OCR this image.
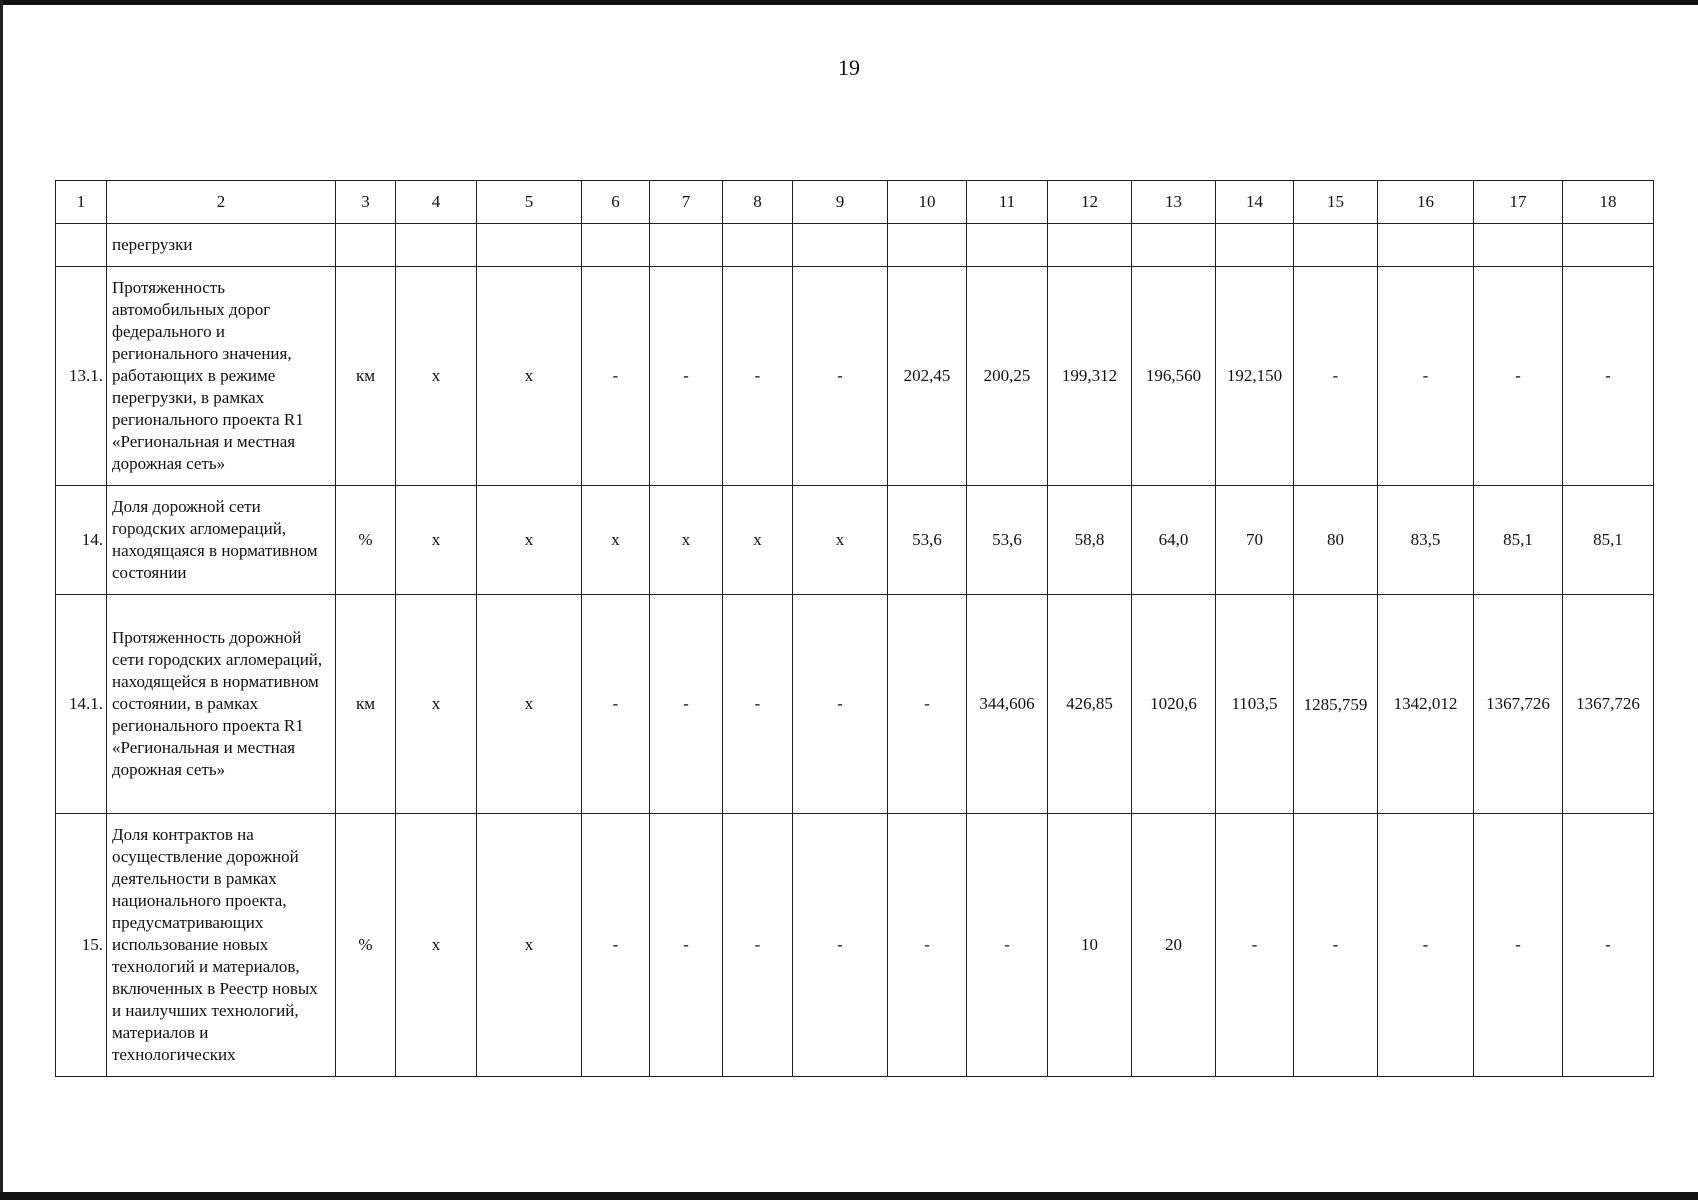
19
1	2	3	4	5	6	7	8	9	10	11	12	13	14	15	16	17	18
	перегрузки																
13.1.	Протяженность автомобильных дорог федерального и регионального значения, работающих в режиме перегрузки, в рамках регионального проекта R1 «Региональная и местная дорожная сеть»	км	х	х	-	-	-	-	202,45	200,25	199,312	196,560	192,150	-	-	-	-
14.	Доля дорожной сети городских агломераций, находящаяся в нормативном состоянии	%	х	х	х	х	х	х	53,6	53,6	58,8	64,0	70	80	83,5	85,1	85,1
14.1.	Протяженность дорожной сети городских агломераций, находящейся в нормативном состоянии, в рамках регионального проекта R1 «Региональная и местная дорожная сеть»	км	х	х	-	-	-	-	-	344,606	426,85	1020,6	1103,5	1285,759	1342,012	1367,726	1367,726
15.	Доля контрактов на осуществление дорожной деятельности в рамках национального проекта, предусматривающих использование новых технологий и материалов, включенных в Реестр новых и наилучших технологий, материалов и технологических	%	х	х	-	-	-	-	-	-	10	20	-	-	-	-	-
